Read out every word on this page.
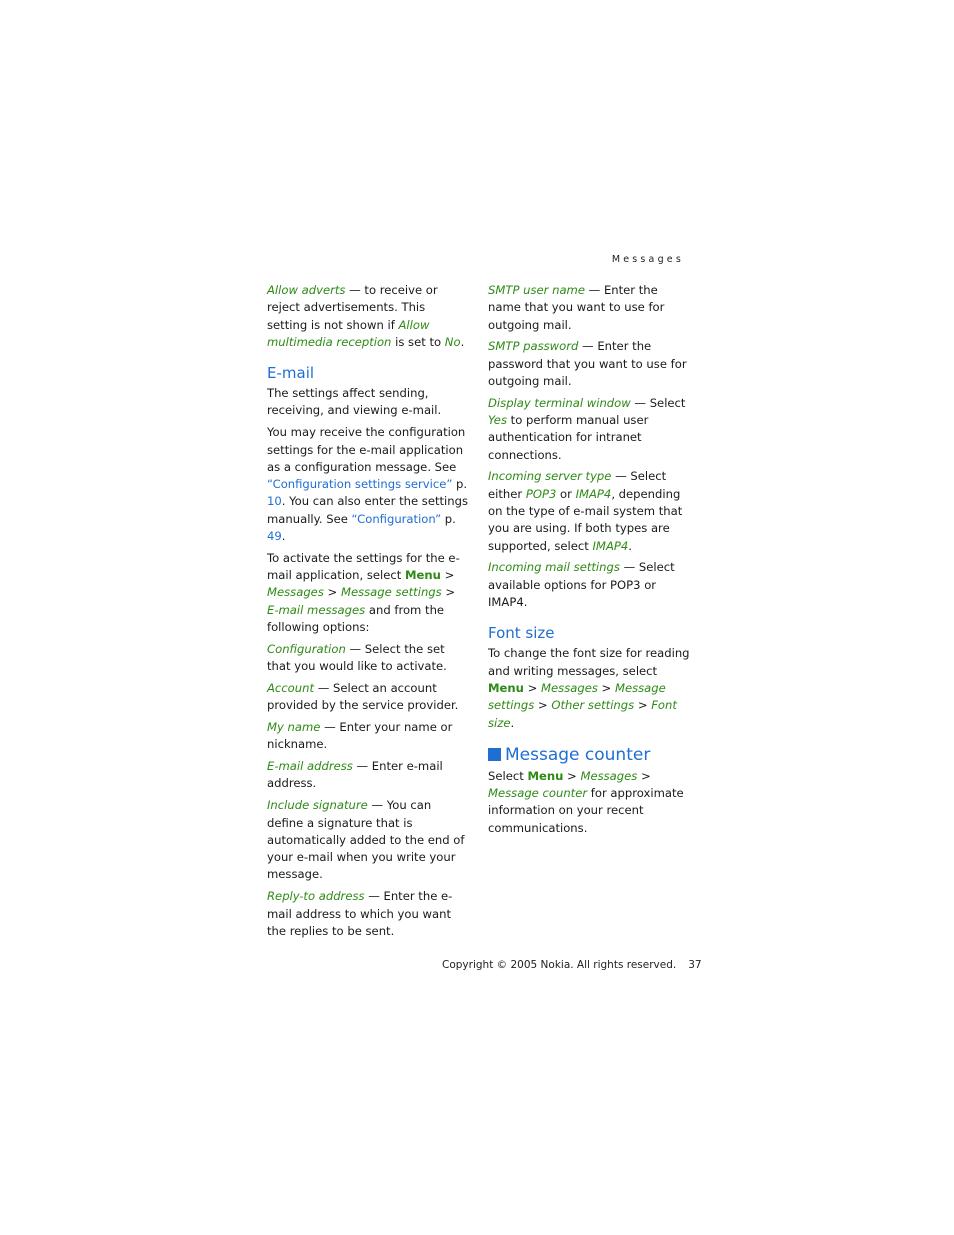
Messages

Allow adverts — to receive or reject advertisements. This setting is not shown if Allow multimedia reception is set to No.

E-mail

The settings affect sending, receiving, and viewing e-mail.

You may receive the configuration settings for the e-mail application as a configuration message. See “Configuration settings service” p. 10. You can also enter the settings manually. See “Configuration” p. 49.

To activate the settings for the e-mail application, select Menu > Messages > Message settings > E-mail messages and from the following options:

Configuration — Select the set that you would like to activate.

Account — Select an account provided by the service provider.

My name — Enter your name or nickname.

E-mail address — Enter e-mail address.

Include signature — You can define a signature that is automatically added to the end of your e-mail when you write your message.

Reply-to address — Enter the e-mail address to which you want the replies to be sent.

SMTP user name — Enter the name that you want to use for outgoing mail.

SMTP password — Enter the password that you want to use for outgoing mail.

Display terminal window — Select Yes to perform manual user authentication for intranet connections.

Incoming server type — Select either POP3 or IMAP4, depending on the type of e-mail system that you are using. If both types are supported, select IMAP4.

Incoming mail settings — Select available options for POP3 or IMAP4.

Font size

To change the font size for reading and writing messages, select Menu > Messages > Message settings > Other settings > Font size.

Message counter

Select Menu > Messages > Message counter for approximate information on your recent communications.

Copyright © 2005 Nokia. All rights reserved. 37
